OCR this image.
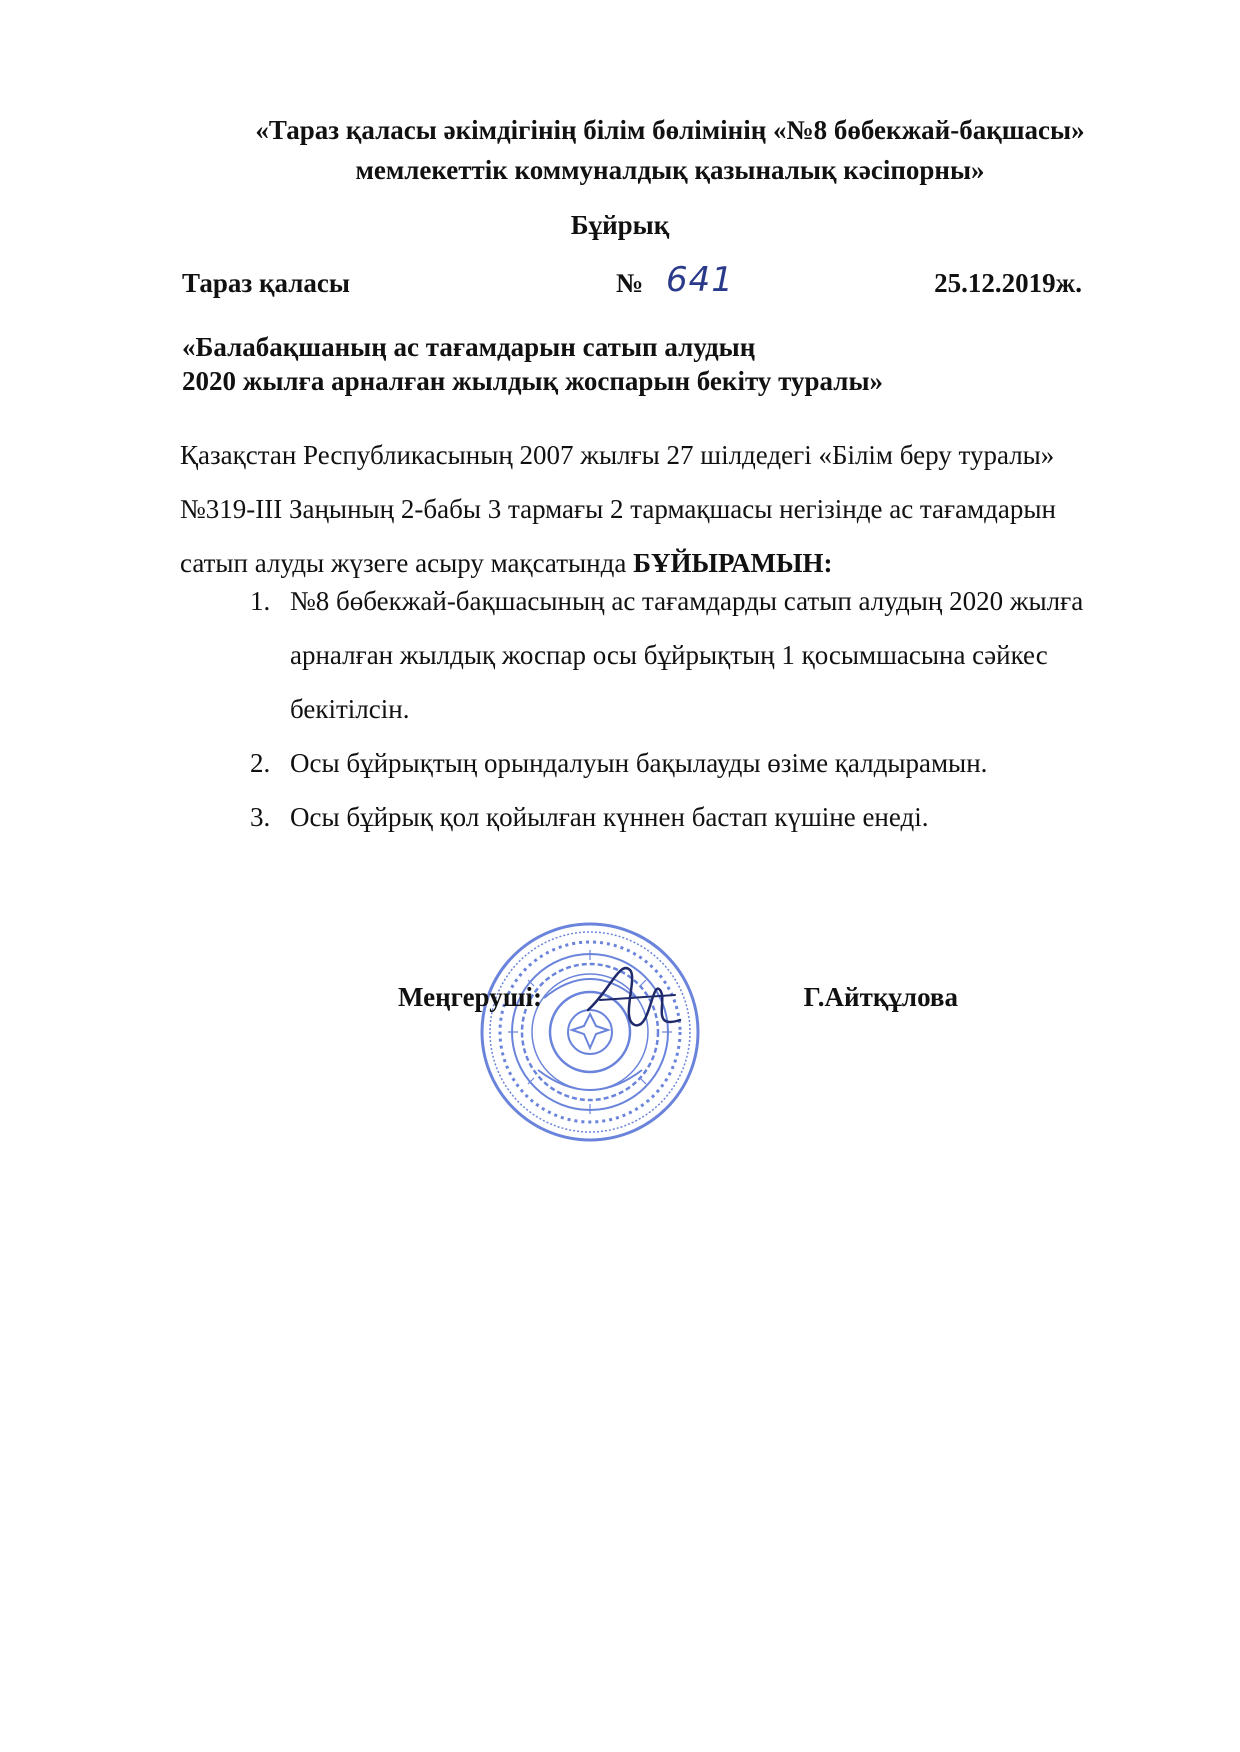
«Тараз қаласы әкімдігінің білім бөлімінің «№8 бөбекжай-бақшасы»
мемлекеттік коммуналдық қазыналық кәсіпорны»
Бұйрық
Тараз қаласы	№ 641	25.12.2019ж.
«Балабақшаның ас тағамдарын сатып алудың
2020 жылға арналған жылдық жоспарын бекіту туралы»
Қазақстан Республикасының 2007 жылғы 27 шілдедегі «Білім беру туралы»
№319-ІІІ Заңының 2-бабы 3 тармағы 2 тармақшасы негізінде ас тағамдарын
сатып алуды жүзеге асыру мақсатында БҰЙЫРАМЫН:
1. №8 бөбекжай-бақшасының ас тағамдарды сатып алудың 2020 жылға
арналған жылдық жоспар осы бұйрықтың 1 қосымшасына сәйкес
бекітілсін.
2. Осы бұйрықтың орындалуын бақылауды өзіме қалдырамын.
3. Осы бұйрық қол қойылған күннен бастап күшіне енеді.
Меңгеруші:	Г.Айтқұлова
